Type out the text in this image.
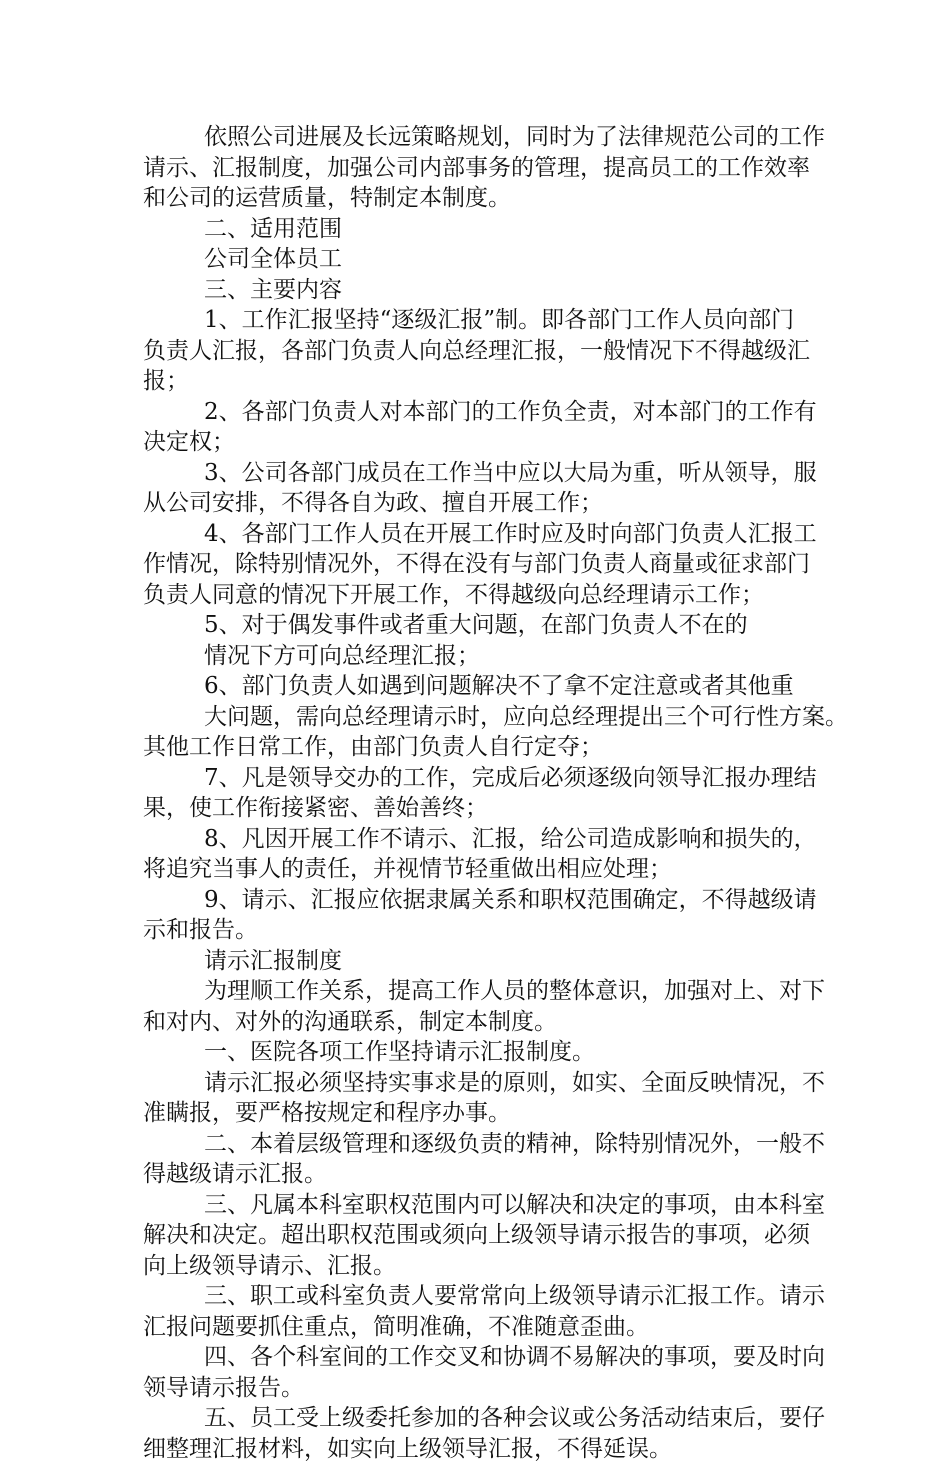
依照公司进展及长远策略规划，同时为了法律规范公司的工作
请示、汇报制度，加强公司内部事务的管理，提高员工的工作效率
和公司的运营质量，特制定本制度。
二、适用范围
公司全体员工
三、主要内容
1、工作汇报坚持“逐级汇报”制。即各部门工作人员向部门
负责人汇报，各部门负责人向总经理汇报，一般情况下不得越级汇
报；
2、各部门负责人对本部门的工作负全责，对本部门的工作有
决定权；
3、公司各部门成员在工作当中应以大局为重，听从领导，服
从公司安排，不得各自为政、擅自开展工作；
4、各部门工作人员在开展工作时应及时向部门负责人汇报工
作情况，除特别情况外，不得在没有与部门负责人商量或征求部门
负责人同意的情况下开展工作，不得越级向总经理请示工作；
5、对于偶发事件或者重大问题，在部门负责人不在的
情况下方可向总经理汇报；
6、部门负责人如遇到问题解决不了拿不定注意或者其他重
大问题，需向总经理请示时，应向总经理提出三个可行性方案。
其他工作日常工作，由部门负责人自行定夺；
7、凡是领导交办的工作，完成后必须逐级向领导汇报办理结
果，使工作衔接紧密、善始善终；
8、凡因开展工作不请示、汇报，给公司造成影响和损失的，
将追究当事人的责任，并视情节轻重做出相应处理；
9、请示、汇报应依据隶属关系和职权范围确定，不得越级请
示和报告。
请示汇报制度
为理顺工作关系，提高工作人员的整体意识，加强对上、对下
和对内、对外的沟通联系，制定本制度。
一、医院各项工作坚持请示汇报制度。
请示汇报必须坚持实事求是的原则，如实、全面反映情况，不
准瞒报，要严格按规定和程序办事。
二、本着层级管理和逐级负责的精神，除特别情况外，一般不
得越级请示汇报。
三、凡属本科室职权范围内可以解决和决定的事项，由本科室
解决和决定。超出职权范围或须向上级领导请示报告的事项，必须
向上级领导请示、汇报。
三、职工或科室负责人要常常向上级领导请示汇报工作。请示
汇报问题要抓住重点，简明准确，不准随意歪曲。
四、各个科室间的工作交叉和协调不易解决的事项，要及时向
领导请示报告。
五、员工受上级委托参加的各种会议或公务活动结束后，要仔
细整理汇报材料，如实向上级领导汇报，不得延误。
